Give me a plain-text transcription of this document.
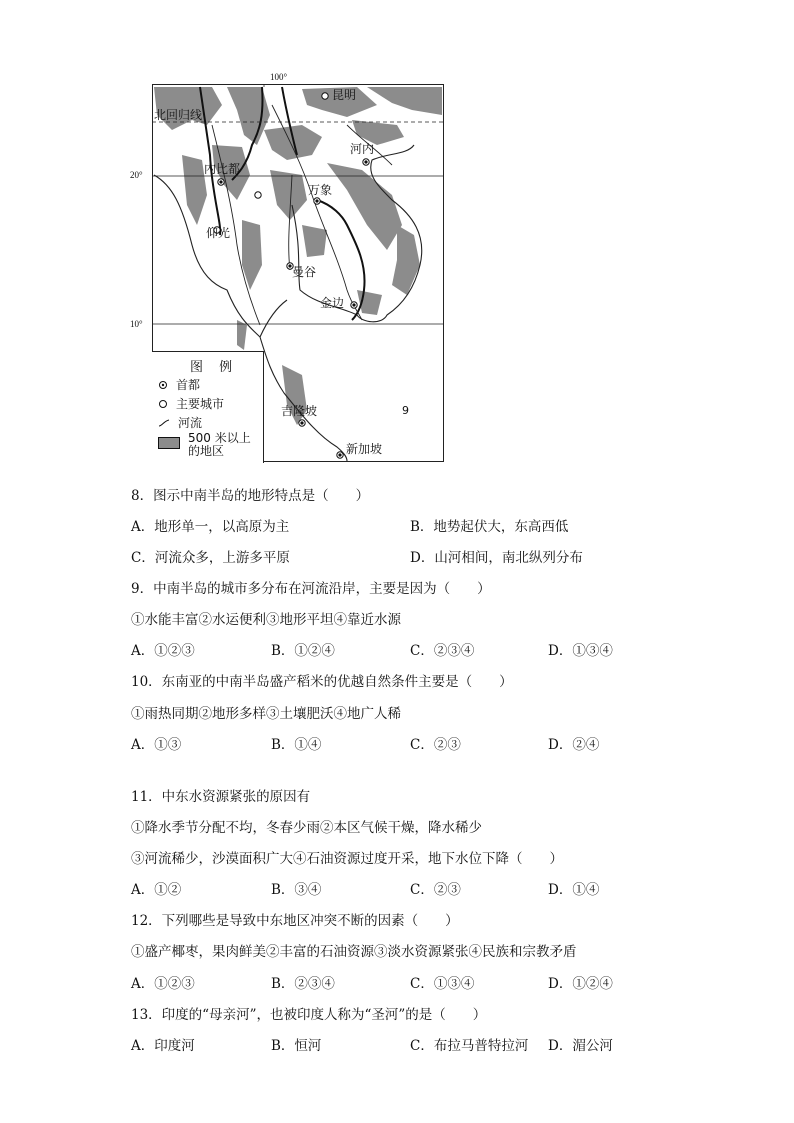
100°
20°
10°
北回归线
昆明
河内
内比都
万象
仰光
曼谷
金边
吉隆坡
新加坡
9
图 例
首都
主要城市
河流
500 米以上
的地区
8．图示中南半岛的地形特点是（　　）
A．地形单一，以高原为主	B．地势起伏大，东高西低
C．河流众多，上游多平原	D．山河相间，南北纵列分布
9．中南半岛的城市多分布在河流沿岸，主要是因为（　　）
①水能丰富②水运便利③地形平坦④靠近水源
A．①②③	B．①②④	C．②③④	D．①③④
10．东南亚的中南半岛盛产稻米的优越自然条件主要是（　　）
①雨热同期②地形多样③土壤肥沃④地广人稀
A．①③	B．①④	C．②③	D．②④
11．中东水资源紧张的原因有
①降水季节分配不均，冬春少雨②本区气候干燥，降水稀少
③河流稀少，沙漠面积广大④石油资源过度开采，地下水位下降（　　）
A．①②	B．③④	C．②③	D．①④
12．下列哪些是导致中东地区冲突不断的因素（　　）
①盛产椰枣，果肉鲜美②丰富的石油资源③淡水资源紧张④民族和宗教矛盾
A．①②③	B．②③④	C．①③④	D．①②④
13．印度的“母亲河”，也被印度人称为“圣河”的是（　　）
A．印度河	B．恒河	C．布拉马普特拉河 D．湄公河
